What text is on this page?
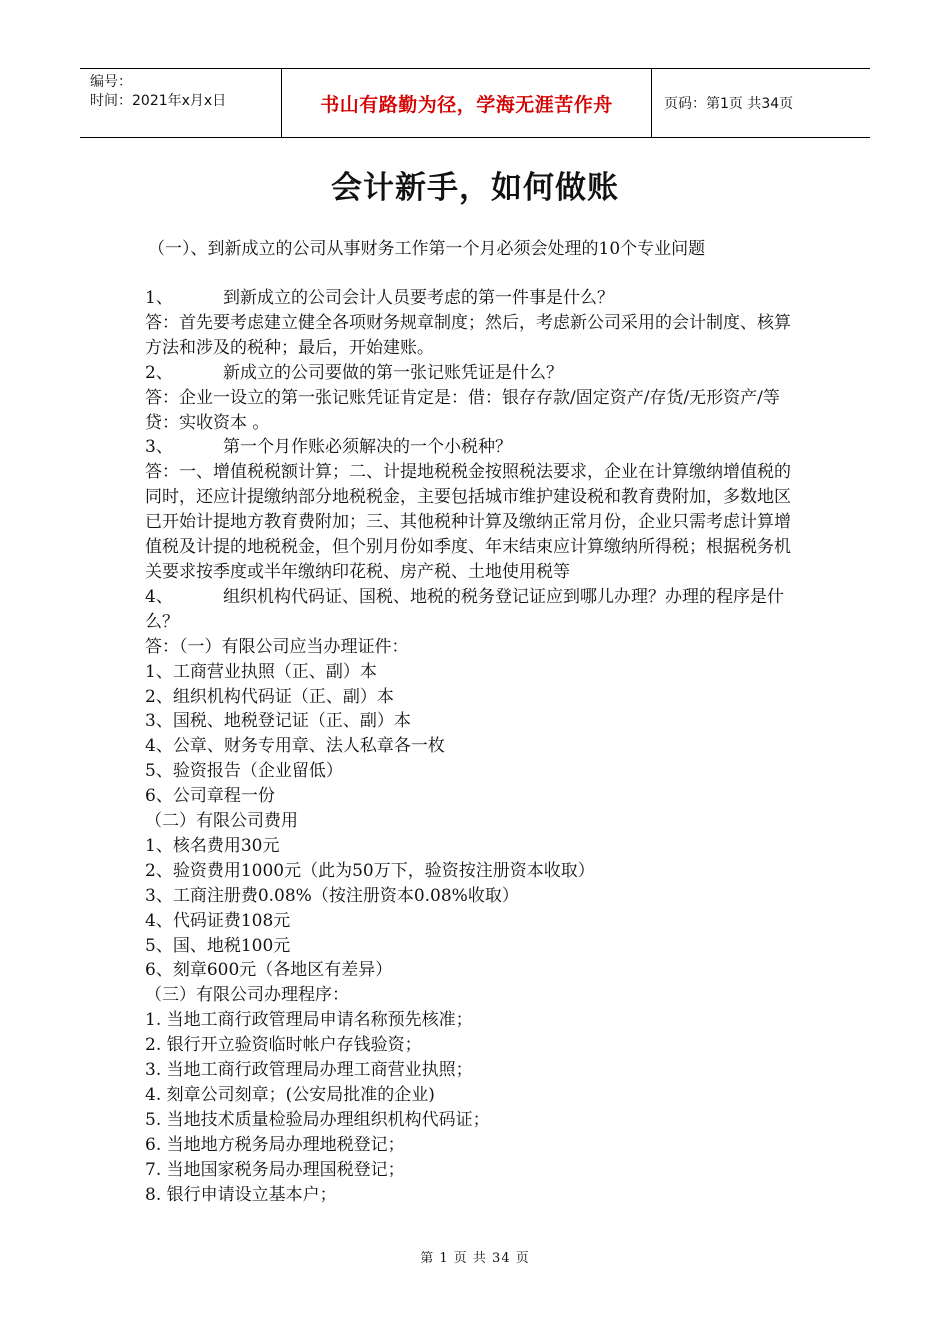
编号：
时间：2021年x月x日	书山有路勤为径，学海无涯苦作舟	页码：第1页 共34页
会计新手，如何做账
（一）、到新成立的公司从事财务工作第一个月必须会处理的10个专业问题

1、	到新成立的公司会计人员要考虑的第一件事是什么？

答：首先要考虑建立健全各项财务规章制度；然后，考虑新公司采用的会计制度、核算方法和涉及的税种；最后，开始建账。

2、	新成立的公司要做的第一张记账凭证是什么？

答：企业一设立的第一张记账凭证肯定是：借：银存存款/固定资产/存货/无形资产/等 贷：实收资本 。

3、	第一个月作账必须解决的一个小税种？

答：一、增值税税额计算；二、计提地税税金按照税法要求，企业在计算缴纳增值税的同时，还应计提缴纳部分地税税金，主要包括城市维护建设税和教育费附加，多数地区已开始计提地方教育费附加；三、其他税种计算及缴纳正常月份，企业只需考虑计算增值税及计提的地税税金，但个别月份如季度、年末结束应计算缴纳所得税；根据税务机关要求按季度或半年缴纳印花税、房产税、土地使用税等

4、	组织机构代码证、国税、地税的税务登记证应到哪儿办理？办理的程序是什么？

答：（一）有限公司应当办理证件：

1、工商营业执照（正、副）本

2、组织机构代码证（正、副）本

3、国税、地税登记证（正、副）本

4、公章、财务专用章、法人私章各一枚

5、验资报告（企业留低）

6、公司章程一份

（二）有限公司费用

1、核名费用30元

2、验资费用1000元（此为50万下，验资按注册资本收取）

3、工商注册费0.08%（按注册资本0.08%收取）

4、代码证费108元

5、国、地税100元

6、刻章600元（各地区有差异）

（三）有限公司办理程序：

1. 当地工商行政管理局申请名称预先核准；

2. 银行开立验资临时帐户存钱验资；

3. 当地工商行政管理局办理工商营业执照；

4. 刻章公司刻章；(公安局批准的企业)

5. 当地技术质量检验局办理组织机构代码证；

6. 当地地方税务局办理地税登记；

7. 当地国家税务局办理国税登记；

8. 银行申请设立基本户；

第 1 页 共 34 页
